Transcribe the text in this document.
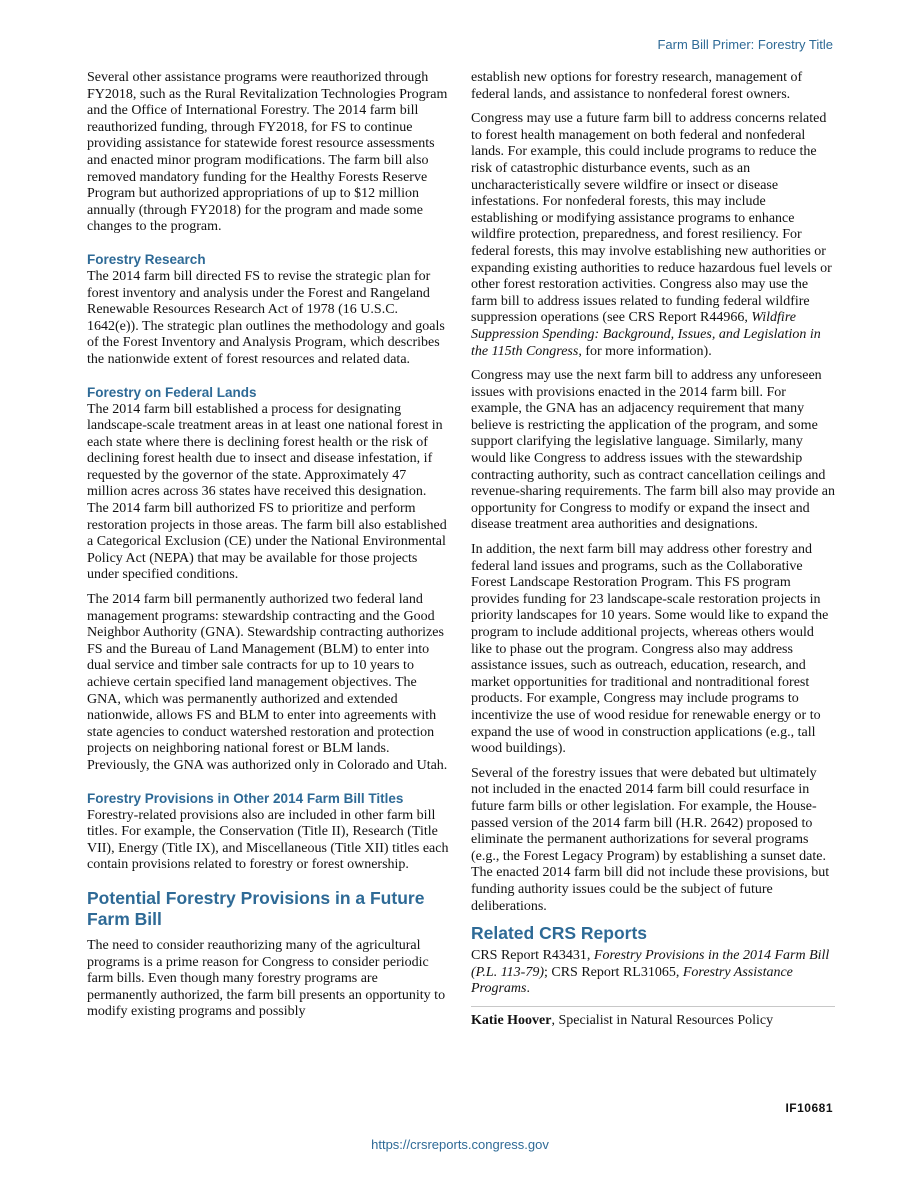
Farm Bill Primer: Forestry Title

Several other assistance programs were reauthorized through FY2018, such as the Rural Revitalization Technologies Program and the Office of International Forestry. The 2014 farm bill reauthorized funding, through FY2018, for FS to continue providing assistance for statewide forest resource assessments and enacted minor program modifications. The farm bill also removed mandatory funding for the Healthy Forests Reserve Program but authorized appropriations of up to $12 million annually (through FY2018) for the program and made some changes to the program.

Forestry Research

The 2014 farm bill directed FS to revise the strategic plan for forest inventory and analysis under the Forest and Rangeland Renewable Resources Research Act of 1978 (16 U.S.C. 1642(e)). The strategic plan outlines the methodology and goals of the Forest Inventory and Analysis Program, which describes the nationwide extent of forest resources and related data.

Forestry on Federal Lands

The 2014 farm bill established a process for designating landscape-scale treatment areas in at least one national forest in each state where there is declining forest health or the risk of declining forest health due to insect and disease infestation, if requested by the governor of the state. Approximately 47 million acres across 36 states have received this designation. The 2014 farm bill authorized FS to prioritize and perform restoration projects in those areas. The farm bill also established a Categorical Exclusion (CE) under the National Environmental Policy Act (NEPA) that may be available for those projects under specified conditions.

The 2014 farm bill permanently authorized two federal land management programs: stewardship contracting and the Good Neighbor Authority (GNA). Stewardship contracting authorizes FS and the Bureau of Land Management (BLM) to enter into dual service and timber sale contracts for up to 10 years to achieve certain specified land management objectives. The GNA, which was permanently authorized and extended nationwide, allows FS and BLM to enter into agreements with state agencies to conduct watershed restoration and protection projects on neighboring national forest or BLM lands. Previously, the GNA was authorized only in Colorado and Utah.

Forestry Provisions in Other 2014 Farm Bill Titles

Forestry-related provisions also are included in other farm bill titles. For example, the Conservation (Title II), Research (Title VII), Energy (Title IX), and Miscellaneous (Title XII) titles each contain provisions related to forestry or forest ownership.

Potential Forestry Provisions in a Future Farm Bill

The need to consider reauthorizing many of the agricultural programs is a prime reason for Congress to consider periodic farm bills. Even though many forestry programs are permanently authorized, the farm bill presents an opportunity to modify existing programs and possibly

establish new options for forestry research, management of federal lands, and assistance to nonfederal forest owners.

Congress may use a future farm bill to address concerns related to forest health management on both federal and nonfederal lands. For example, this could include programs to reduce the risk of catastrophic disturbance events, such as an uncharacteristically severe wildfire or insect or disease infestations. For nonfederal forests, this may include establishing or modifying assistance programs to enhance wildfire protection, preparedness, and forest resiliency. For federal forests, this may involve establishing new authorities or expanding existing authorities to reduce hazardous fuel levels or other forest restoration activities. Congress also may use the farm bill to address issues related to funding federal wildfire suppression operations (see CRS Report R44966, Wildfire Suppression Spending: Background, Issues, and Legislation in the 115th Congress, for more information).

Congress may use the next farm bill to address any unforeseen issues with provisions enacted in the 2014 farm bill. For example, the GNA has an adjacency requirement that many believe is restricting the application of the program, and some support clarifying the legislative language. Similarly, many would like Congress to address issues with the stewardship contracting authority, such as contract cancellation ceilings and revenue-sharing requirements. The farm bill also may provide an opportunity for Congress to modify or expand the insect and disease treatment area authorities and designations.

In addition, the next farm bill may address other forestry and federal land issues and programs, such as the Collaborative Forest Landscape Restoration Program. This FS program provides funding for 23 landscape-scale restoration projects in priority landscapes for 10 years. Some would like to expand the program to include additional projects, whereas others would like to phase out the program. Congress also may address assistance issues, such as outreach, education, research, and market opportunities for traditional and nontraditional forest products. For example, Congress may include programs to incentivize the use of wood residue for renewable energy or to expand the use of wood in construction applications (e.g., tall wood buildings).

Several of the forestry issues that were debated but ultimately not included in the enacted 2014 farm bill could resurface in future farm bills or other legislation. For example, the House-passed version of the 2014 farm bill (H.R. 2642) proposed to eliminate the permanent authorizations for several programs (e.g., the Forest Legacy Program) by establishing a sunset date. The enacted 2014 farm bill did not include these provisions, but funding authority issues could be the subject of future deliberations.

Related CRS Reports

CRS Report R43431, Forestry Provisions in the 2014 Farm Bill (P.L. 113-79); CRS Report RL31065, Forestry Assistance Programs.

Katie Hoover, Specialist in Natural Resources Policy

IF10681
https://crsreports.congress.gov
